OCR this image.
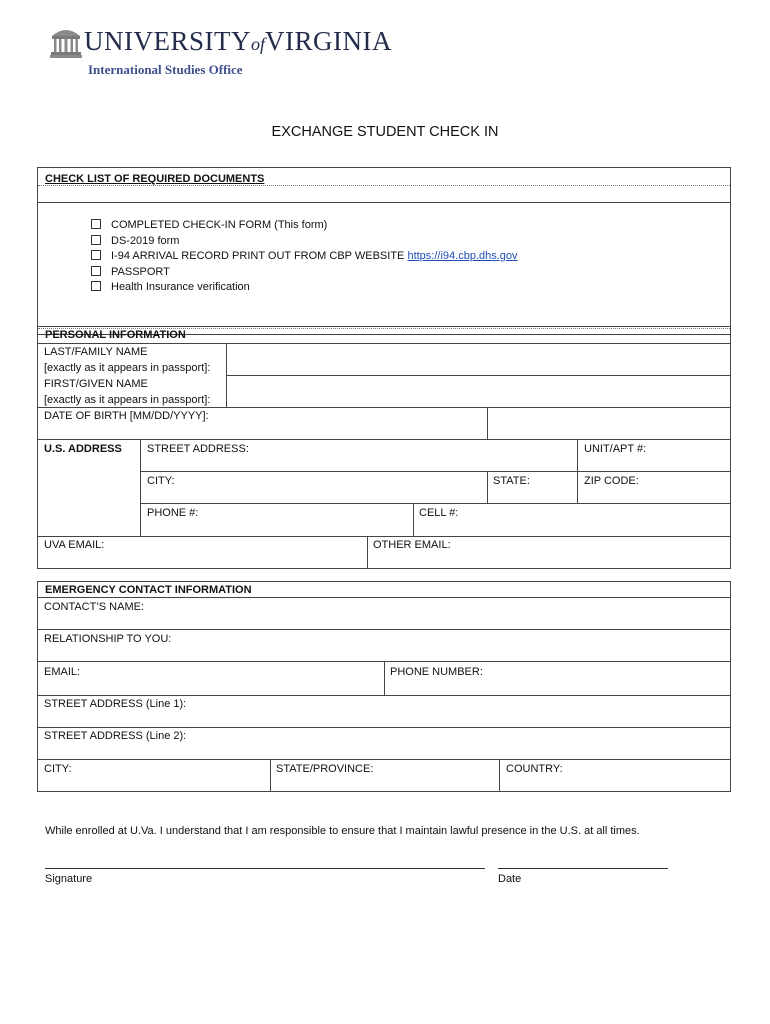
UNIVERSITYofVIRGINIA
International Studies Office
EXCHANGE STUDENT CHECK IN
CHECK LIST OF REQUIRED DOCUMENTS
COMPLETED CHECK-IN FORM (This form)
DS-2019 form
I-94 ARRIVAL RECORD PRINT OUT FROM CBP WEBSITE https://i94.cbp.dhs.gov
PASSPORT
Health Insurance verification
PERSONAL INFORMATION
LAST/FAMILY NAME
[exactly as it appears in passport]:
FIRST/GIVEN NAME
[exactly as it appears in passport]:
DATE OF BIRTH [MM/DD/YYYY]:
U.S. ADDRESS STREET ADDRESS:	UNIT/APT #:
CITY:	STATE:	ZIP CODE:
PHONE #:	CELL #:
UVA EMAIL:	OTHER EMAIL:
EMERGENCY CONTACT INFORMATION
CONTACT’S NAME:
RELATIONSHIP TO YOU:
EMAIL:	PHONE NUMBER:
STREET ADDRESS (Line 1):
STREET ADDRESS (Line 2):
CITY:	STATE/PROVINCE:	COUNTRY:
While enrolled at U.Va. I understand that I am responsible to ensure that I maintain lawful presence in the U.S. at all times.
Signature	Date
